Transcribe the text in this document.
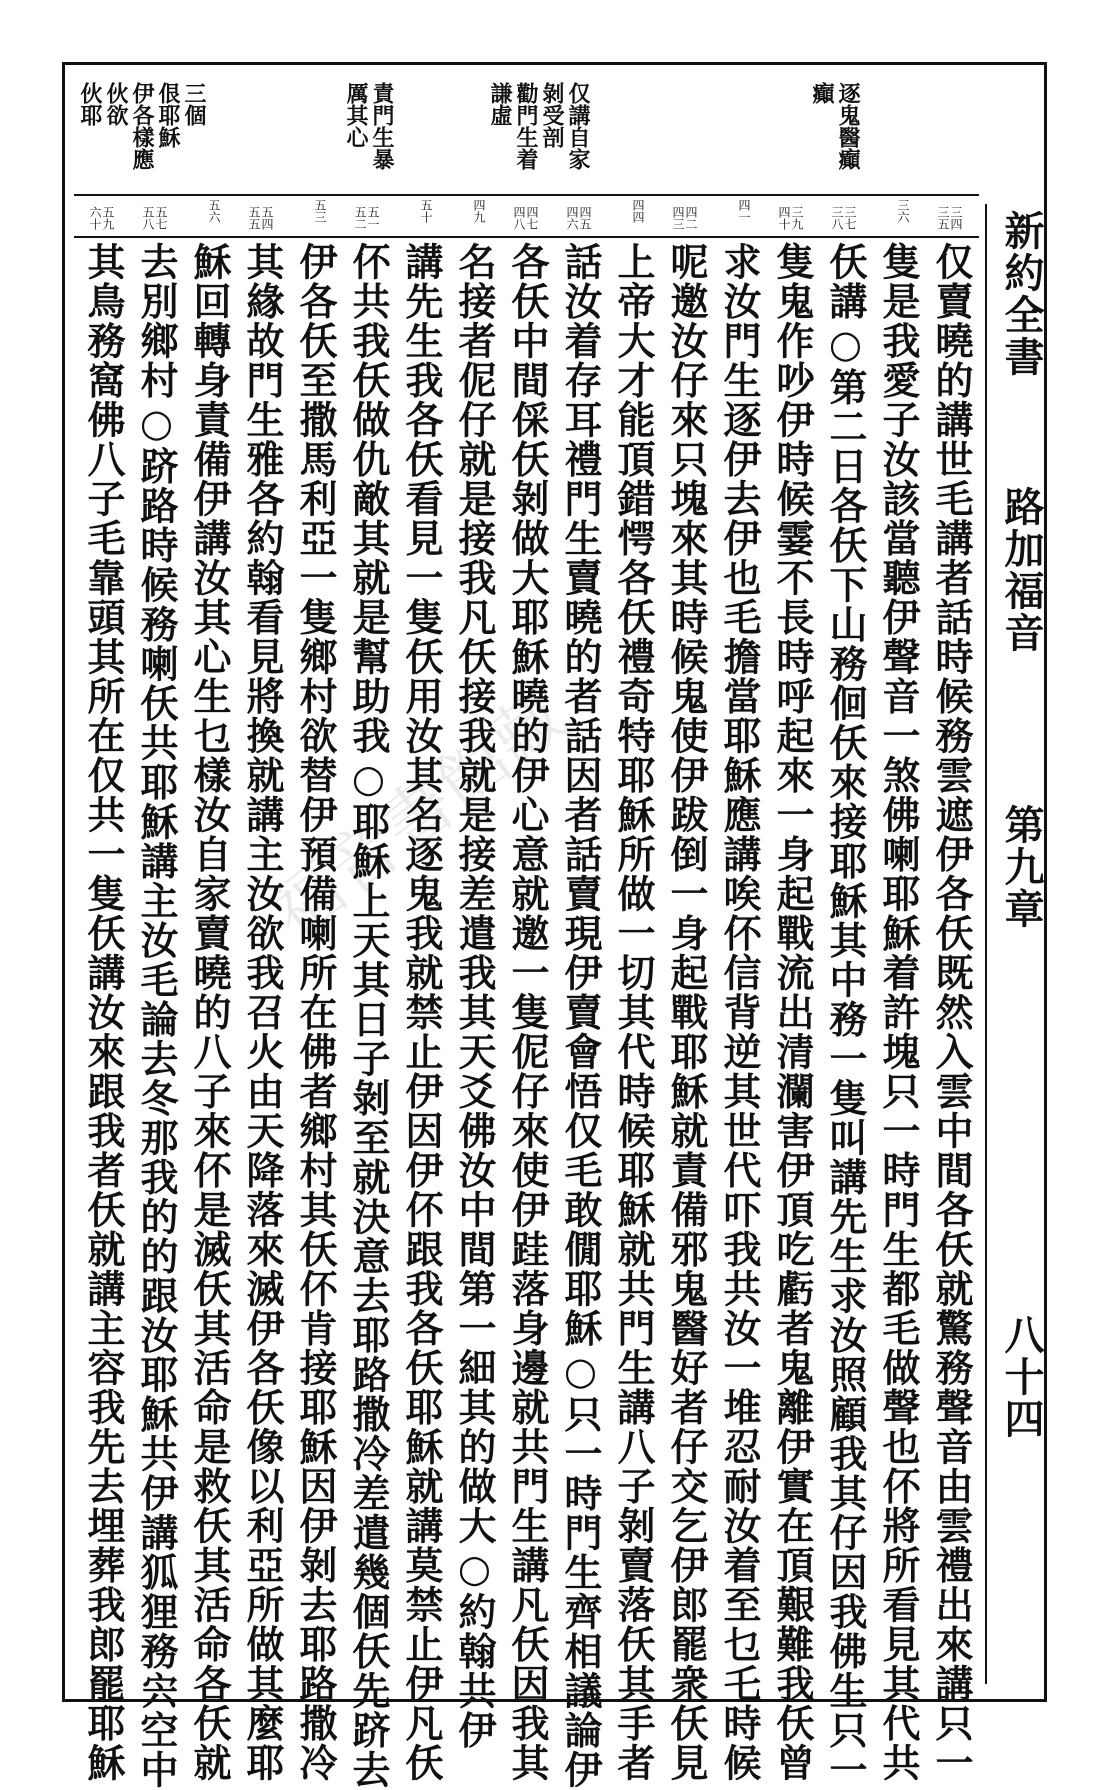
新約全書
路加福音
第九章
八十四
逐鬼醫癲
癲
仅講自家
剝受剖
勸門生着
謙虛
責門生暴
厲其心
三個
佷耶穌
伊各樣應
伙欲
伙耶
三四 三五
三六
三七 三八
三九 四十
四一
四二 四三
四四
四五 四六
四七 四八
四九
五十
五一 五二
五三
五四 五五
五六
五七 五八
五九 六十
仅賣曉的講世毛講者話時候務雲遮伊各仸既然入雲中間各仸就驚務聲音由雲禮出來講只一
隻是我愛子汝該當聽伊聲音一煞佛喇耶穌着許塊只一時門生都毛做聲也伓將所看見其代共
仸講○第二日各仸下山務佪仸來接耶穌其中務一隻叫講先生求汝照顧我其仔因我佛生只一
隻鬼作吵伊時候霎不長時呼起來一身起戰流出清瀾害伊頂吃虧者鬼離伊實在頂艱難我仸曾
求汝門生逐伊去伊也毛擔當耶穌應講唉伓信背逆其世代吓我共汝一堆忍耐汝着至乜乇時候
呢邀汝仔來只塊來其時候鬼使伊跋倒一身起戰耶穌就責備邪鬼醫好者仔交乞伊郎罷衆仸見
上帝大才能頂錯愕各仸禮奇特耶穌所做一切其代時候耶穌就共門生講八子剝賣落仸其手者
話汝着存耳禮門生賣曉的者話因者話賣現伊賣會悟仅毛敢僩耶穌○只一時門生齊相議論伊
各仸中間倸仸剝做大耶穌曉的伊心意就邀一隻伲仔來使伊跬落身邊就共門生講凡仸因我其
名接者伲仔就是接我凡仸接我就是接差遣我其天爻佛汝中間第一細其的做大○約翰共伊
講先生我各仸看見一隻仸用汝其名逐鬼我就禁止伊因伊伓跟我各仸耶穌就講莫禁止伊凡仸
伓共我仸做仇敵其就是幫助我○耶穌上天其日子剝至就決意去耶路撒冷差遣幾個仸先跻去
伊各仸至撒馬利亞一隻鄉村欲替伊預備喇所在佛者鄉村其仸伓肯接耶穌因伊剝去耶路撒冷
其緣故門生雅各約翰看見將換就講主汝欲我召火由天降落來滅伊各仸像以利亞所做其麼耶
穌回轉身責備伊講汝其心生乜樣汝自家賣曉的八子來伓是滅仸其活命是救仸其活命各仸就
去別鄉村○跻路時候務喇仸共耶穌講主汝毛論去冬那我的的跟汝耶穌共伊講狐狸務宍空中
其鳥務窩佛八子毛靠頭其所在仅共一隻仸講汝來跟我者仸就講主容我先去埋葬我郎罷耶穌 福音書館藏
